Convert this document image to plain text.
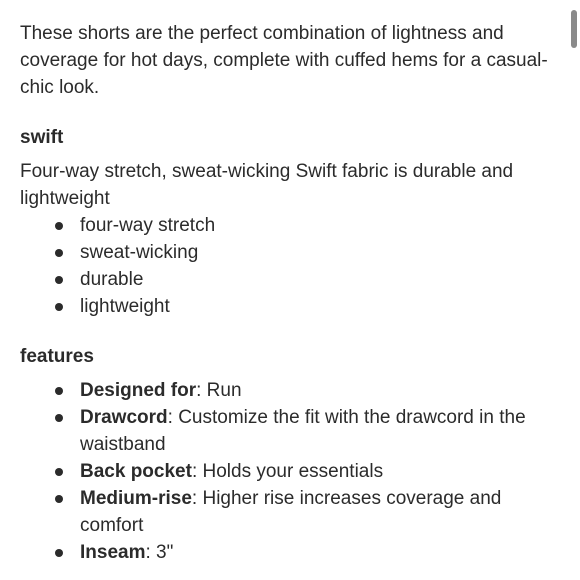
These shorts are the perfect combination of lightness and coverage for hot days, complete with cuffed hems for a casual-chic look.

swift

Four-way stretch, sweat-wicking Swift fabric is durable and lightweight

four-way stretch
sweat-wicking
durable
lightweight
features
Designed for: Run
Drawcord: Customize the fit with the drawcord in the waistband
Back pocket: Holds your essentials
Medium-rise: Higher rise increases coverage and comfort
Inseam: 3"
